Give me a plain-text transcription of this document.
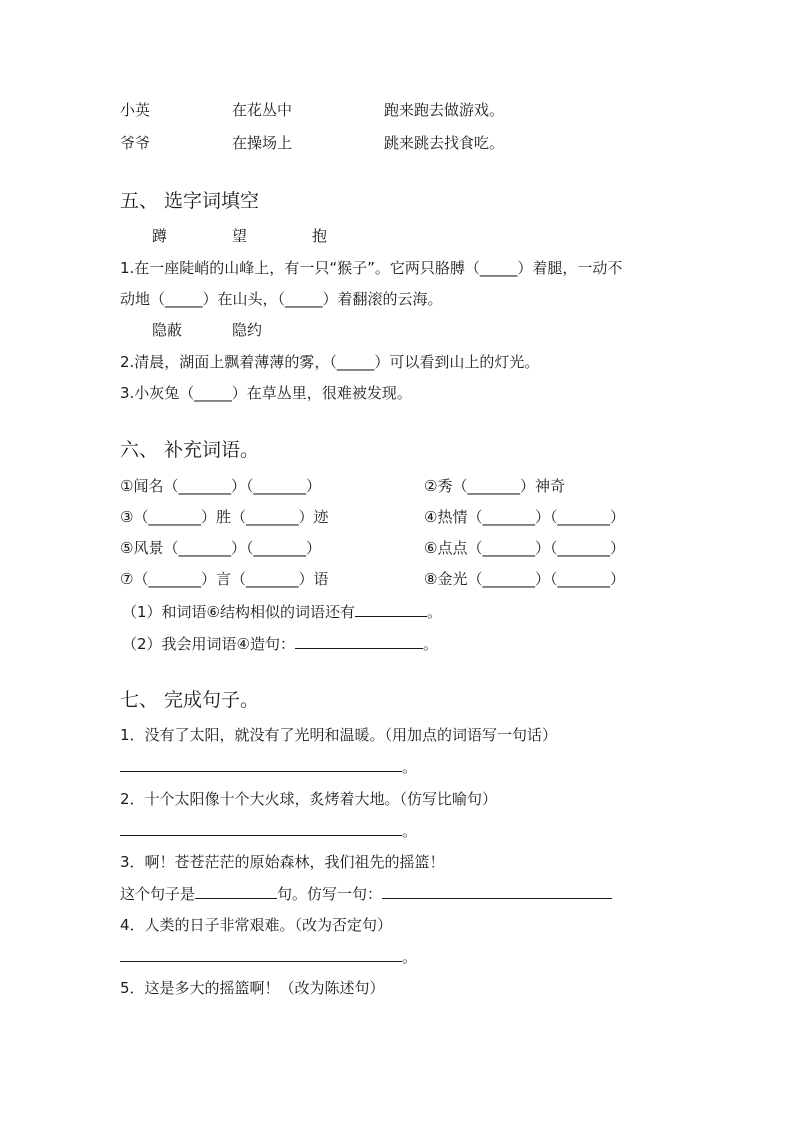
小英	在花丛中	跑来跑去做游戏。
爷爷	在操场上	跳来跳去找食吃。
五、 选字词填空
蹲	望	抱
1.在一座陡峭的山峰上，有一只“猴子”。它两只胳膊（_____）着腿，一动不
动地（_____）在山头，（_____）着翻滚的云海。
隐蔽	隐约
2.清晨，湖面上飘着薄薄的雾，（_____）可以看到山上的灯光。
3.小灰兔（_____）在草丛里，很难被发现。
六、 补充词语。
①闻名（_______）（_______）	②秀（_______）神奇
③（_______）胜（_______）迹	④热情（_______）（_______）
⑤风景（_______）（_______）	⑥点点（_______）（_______）
⑦（_______）言（_______）语	⑧金光（_______）（_______）
（1）和词语⑥结构相似的词语还有	。
（2）我会用词语④造句：	。
七、 完成句子。
1．没有了太阳，就没有了光明和温暖。（用加点的词语写一句话）
。
2．十个太阳像十个大火球，炙烤着大地。（仿写比喻句）
。
3．啊！苍苍茫茫的原始森林，我们祖先的摇篮！
这个句子是	句。仿写一句：
4．人类的日子非常艰难。（改为否定句）
。
5．这是多大的摇篮啊！（改为陈述句）
